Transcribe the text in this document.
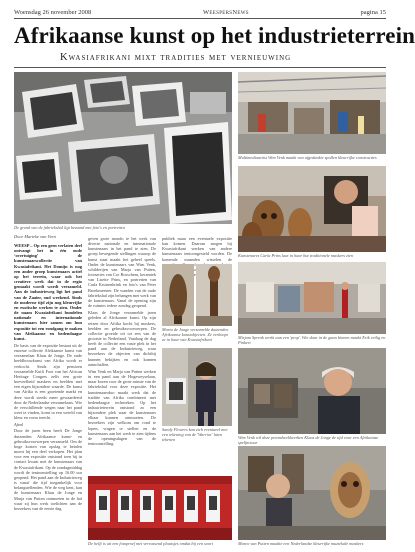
Woensdag 26 november 2008	WeespersNews	pagina 15
Afrikaanse kunst op het industrieterrein
Kwasiafrikani mixt tradities met vernieuwing
De grond van de fabriekshal ligt bezaaid met foto's en portretten
Multimediaartist Wim Venk maakt van afgedankte spullen kleurrijke constructies
Kunstenares Carla Prins laat in haar hut traditionele maskers zien
Door Marieke van Veen

WEESP – Op een geen verlaten deel ontvangt het in één oude ‘overtuiging’ de kunstenaarscollectie van Kwasiafrikani. Het Domijn is nog een ander groep kunstenaars actief op het terrein, waar ook het creatieve werk dat in de regio gemaakt wordt wordt verzameld. Aan de industrieweg ligt het pand van de Zaaier, oud weekend. Sinds de moderne tijd zijn nog kleurrijke en exotische werken te zien. Onder de naam Kwasiafrikani bundelen nationale en internationale kunstenaars hier samen om hun expositie tot een rondgang te maken van Afrikaanse en hedendaagse kunst.

De basis van de expositie bestaat uit de enorme collectie Afrikaanse kunst van verzamelaar Klaas de Jonge. De oude beeldhouwkunst van Afrika wordt er verkocht. Sinds zijn pensioen verzamelde Kuifi Foot van het African Heritage Congres zelfs een grote hoeveelheid maskers en beelden met een eigen bijzondere waarde. De kunst van Afrika is een groeiende markt en deze wordt steeds meer gewaardeerd door de Nederlandse verzamelaars. Wie de verschillende wegen naar het pand weet te vinden, komt in een wereld van kleur en vorm terecht.

Afval

Door de jaren heen heeft De Jonge duizenden Afrikaanse kunst- en gebruiksvoorwerpen verzameld. Om de hoge kosten van opslag te betalen moest hij een deel verkopen. Het plan voor een expositie ontstond toen hij in contact kwam met de kunstenaars van de Kwasiafrikani. Op de zondagmiddag wordt de tentoonstelling op 16.00 uur geopend. Het pand aan de Industrieweg is vanaf die tijd toegankelijk voor belangstellenden. Wie de weg kent, kan de kunstenaars Klaas de Jonge en Marja van Putten ontmoeten in de hal waar zij hun werk toelichten aan de bezoekers van de eerste dag.

geven grote mondo te het werk van diverse nationale en internationale kunstenaars in het pand te zien. De groep bewegende stellingen waarop de kunst staat maakt het geheel speels. Onder de kunstenaars van Wim Venk, schilderijen van Marja van Putten, fotoseries van Cor Bosschem, keramiek van Lisette Prins, en portretten van Carla Kruisenbrink en foto's van Peter Broekmeester. De wanden van de oude fabriekshal zijn behangen met werk van de kunstenaars. Vanaf de opening zijn de ruimtes iedere zondag geopend.

Klaas de Jonge verzamelde jaren geleden al Afrikaanse kunst. Op zijn reizen door Afrika kocht hij maskers, beelden en gebruiksvoorwerpen. De collectie groeide uit tot een van de grootste in Nederland. Vandaag de dag heeft de collectie een vaste plek in het pand aan de Industrieweg, waar bezoekers de objecten van dichtbij kunnen bekijken en ook kunnen aanschaffen.

Wim Venk en Marja van Putten werken in een pand aan de Hogeweyselaan, maar kozen voor de grote ruimte van de fabriekshal voor deze expositie. Het kunstenaarsduo maakt werk dat de traditie van Afrika combineert met hedendaagse technieken. Op het industrieterrein ontstond zo een bijzondere plek waar de kunstenaars elkaar kunnen ontmoeten. De bezoekers zijn welkom om rond te lopen, vragen te stellen en de kunstenaars aan het werk te zien tijdens de openingsdagen van de tentoonstelling.

publiek maar een eventuele expositie kan komen. Daarom mogen bij Kwasiafrikani werken van andere kunstenaars tentoongesteld worden. De komende maanden wisselen de af, het

Maria de Jonge verzamelde duizenden Afrikaanse kunstobjecten. Ze verkoopt ze in haar van Kwasiafrikani	Mirjam Sprenk werkt aan een 'prop'. Wie daar in de gaan binnen maakt Erik veilig en Pinkert
Sandy Flowers kan zich eventueel met een tekening van de 'Warrior' laten tekenen	Wim Venk wil deze prentsbeeldwerken Klaas de Jonge de tijd voor een Afrikaanse spelfactuur
De helft is uit een fotoproef met verrassend plaatsjes omdat bij een soort	Marco van Putten maakte een Nederlandse kleurrijke muziekale maskers
